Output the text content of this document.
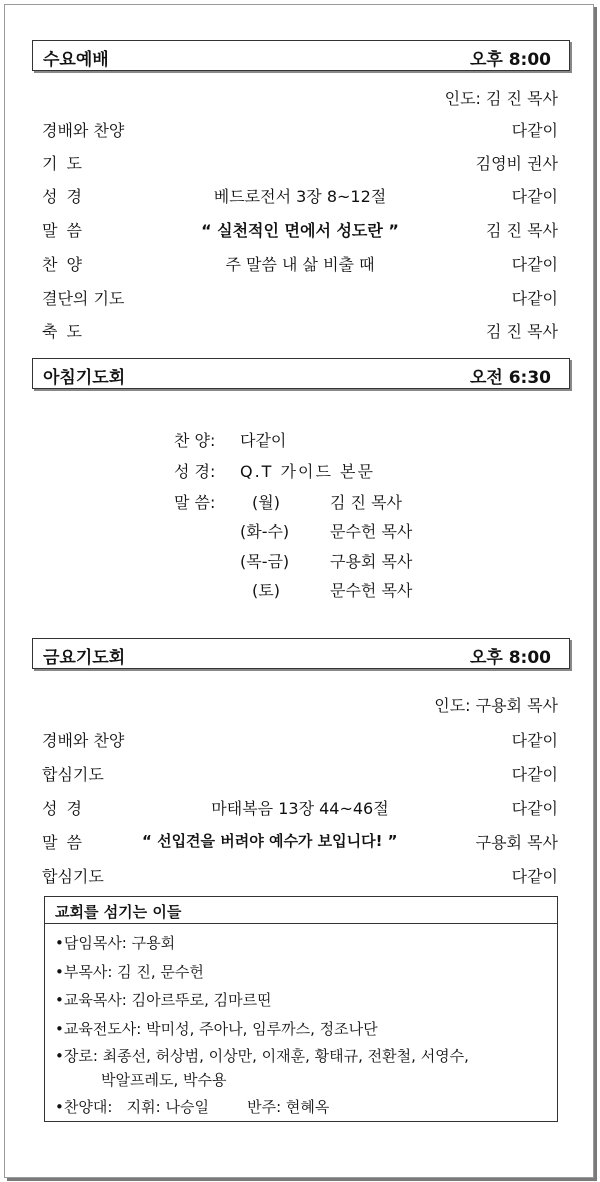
수요예배	오후 8:00
인도: 김 진 목사
경배와 찬양	다같이
기 도	김영비 권사
성 경	베드로전서 3장 8~12절	다같이
말 씀	“ 실천적인 면에서 성도란 ”	김 진 목사
찬 양	주 말씀 내 삶 비출 때	다같이
결단의 기도	다같이
축 도	김 진 목사
아침기도회	오전 6:30
찬 양: 다같이
성 경: Q.T 가이드 본문
말 씀: (월)	김 진 목사
(화-수)	문수헌 목사
(목-금)	구용회 목사
(토)	문수헌 목사
금요기도회	오후 8:00
인도: 구용회 목사
경배와 찬양	다같이
합심기도	다같이
성 경	마태복음 13장 44~46절	다같이
말 씀	“ 선입견을 버려야 예수가 보입니다! ”	구용회 목사
합심기도	다같이
교회를 섬기는 이들
•담임목사: 구용회
•부목사: 김 진, 문수헌
•교육목사: 김아르뚜로, 김마르띤
•교육전도사: 박미성, 주아나, 임루까스, 정조나단
•장로: 최종선, 허상범, 이상만, 이재훈, 황태규, 전환철, 서영수,
박알프레도, 박수용
•찬양대:   지휘: 나승일        반주: 현혜옥
